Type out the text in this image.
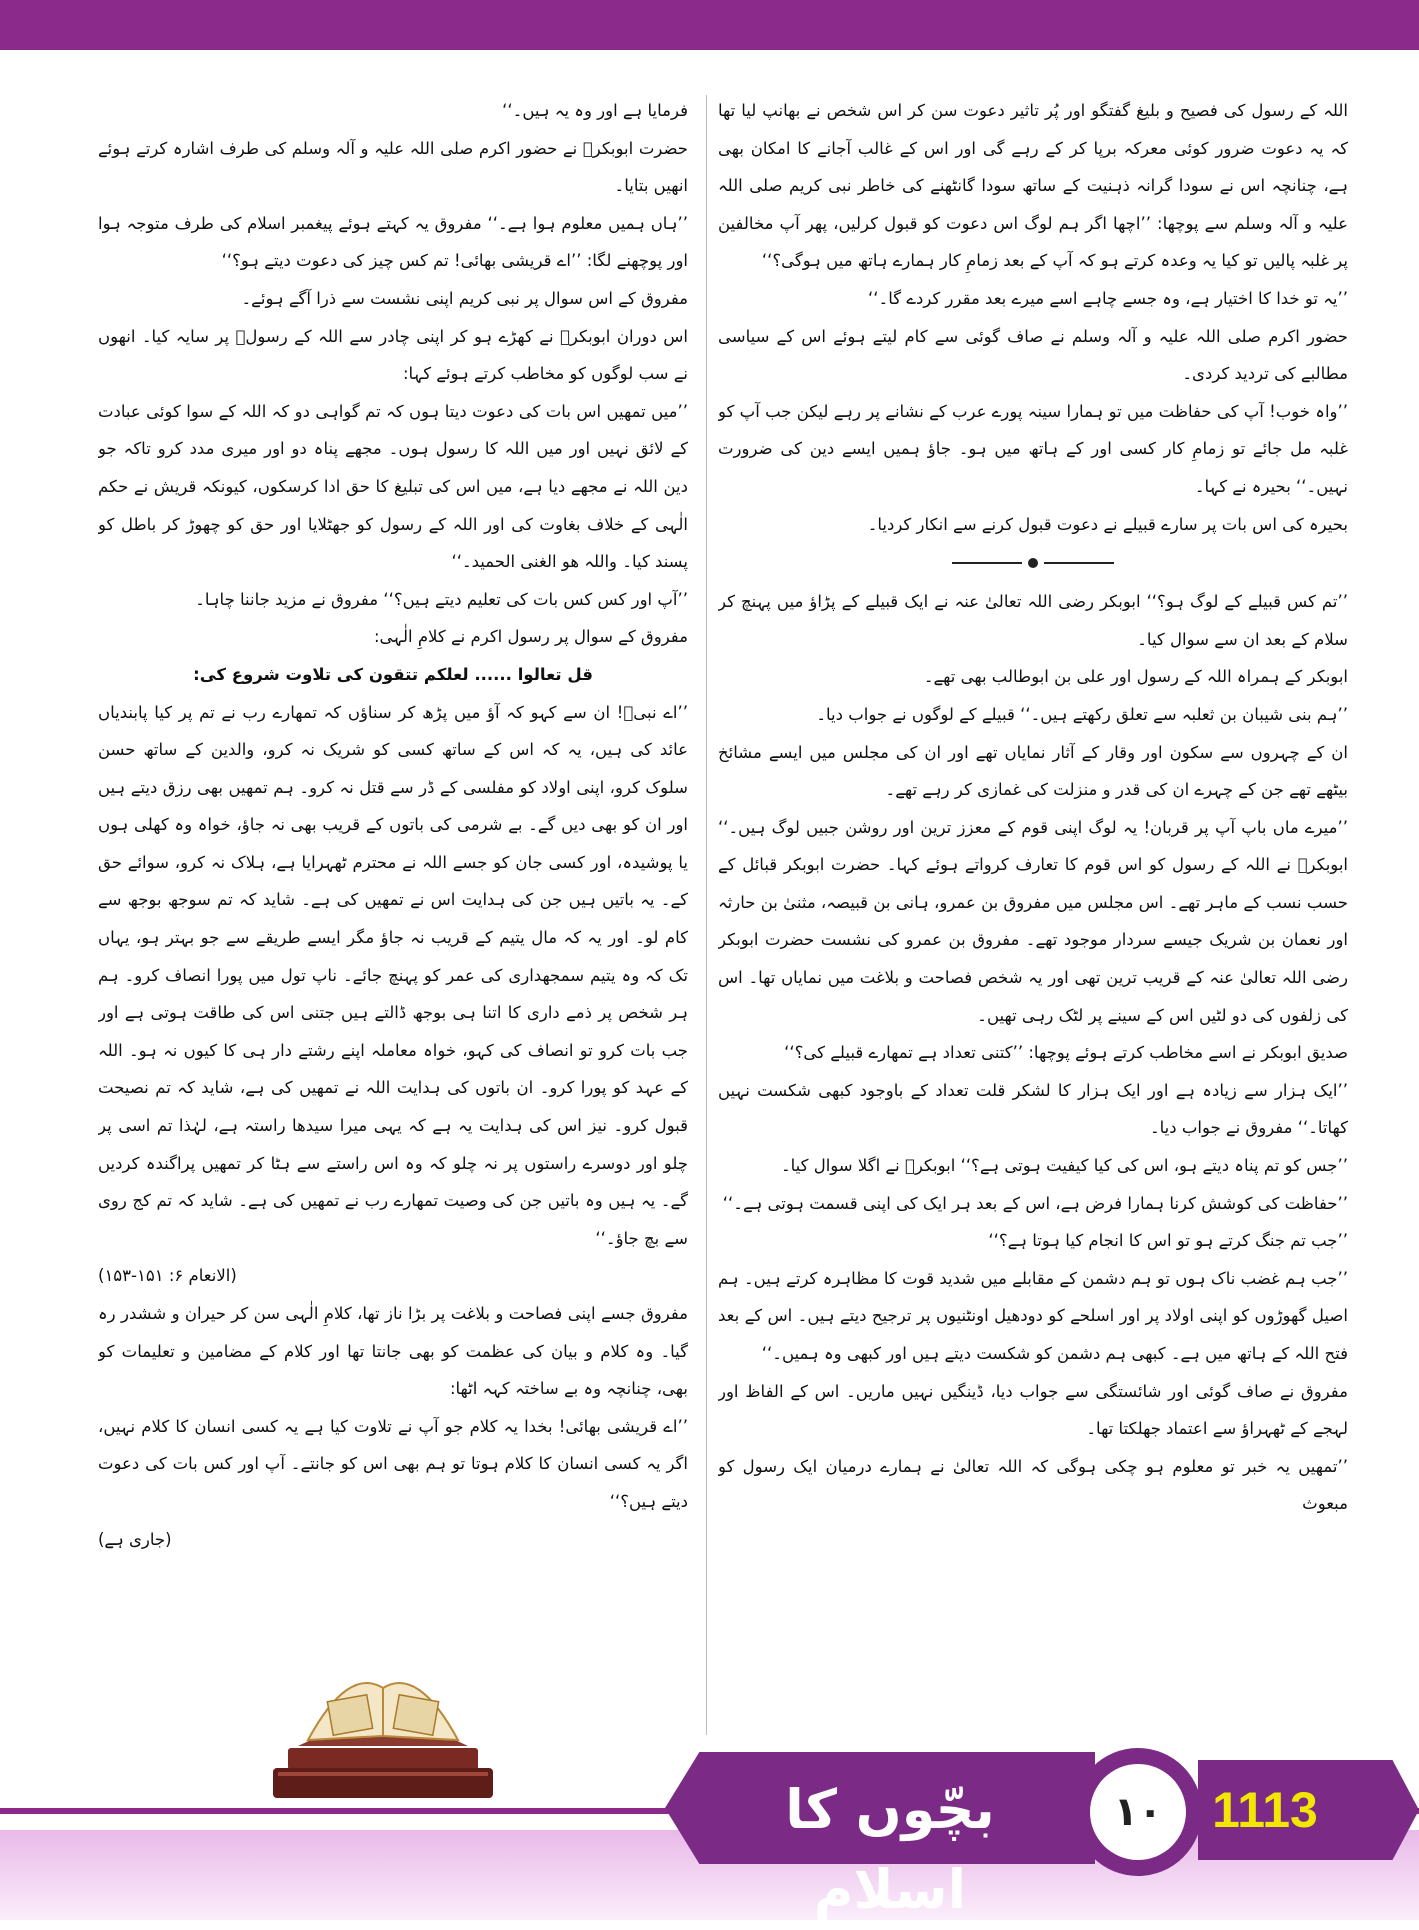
اللہ کے رسول کی فصیح و بلیغ گفتگو اور پُر تاثیر دعوت سن کر اس شخص نے بھانپ لیا تھا کہ یہ دعوت ضرور کوئی معرکہ برپا کر کے رہے گی اور اس کے غالب آجانے کا امکان بھی ہے، چنانچہ اس نے سودا گرانہ ذہنیت کے ساتھ سودا گانٹھنے کی خاطر نبی کریم صلی اللہ علیہ و آلہ وسلم سے پوچھا: ’’اچھا اگر ہم لوگ اس دعوت کو قبول کرلیں، پھر آپ مخالفین پر غلبہ پالیں تو کیا یہ وعدہ کرتے ہو کہ آپ کے بعد زمامِ کار ہمارے ہاتھ میں ہوگی؟‘‘

’’یہ تو خدا کا اختیار ہے، وہ جسے چاہے اسے میرے بعد مقرر کردے گا۔‘‘

حضور اکرم صلی اللہ علیہ و آلہ وسلم نے صاف گوئی سے کام لیتے ہوئے اس کے سیاسی مطالبے کی تردید کردی۔

’’واہ خوب! آپ کی حفاظت میں تو ہمارا سینہ پورے عرب کے نشانے پر رہے لیکن جب آپ کو غلبہ مل جائے تو زمامِ کار کسی اور کے ہاتھ میں ہو۔ جاؤ ہمیں ایسے دین کی ضرورت نہیں۔‘‘ بحیرہ نے کہا۔

بحیرہ کی اس بات پر سارے قبیلے نے دعوت قبول کرنے سے انکار کردیا۔

’’تم کس قبیلے کے لوگ ہو؟‘‘ ابوبکر رضی اللہ تعالیٰ عنہ نے ایک قبیلے کے پڑاؤ میں پہنچ کر سلام کے بعد ان سے سوال کیا۔

ابوبکر کے ہمراہ اللہ کے رسول اور علی بن ابوطالب بھی تھے۔

’’ہم بنی شیبان بن ثعلبہ سے تعلق رکھتے ہیں۔‘‘ قبیلے کے لوگوں نے جواب دیا۔

ان کے چہروں سے سکون اور وقار کے آثار نمایاں تھے اور ان کی مجلس میں ایسے مشائخ بیٹھے تھے جن کے چہرے ان کی قدر و منزلت کی غمازی کر رہے تھے۔

’’میرے ماں باپ آپ پر قربان! یہ لوگ اپنی قوم کے معزز ترین اور روشن جبیں لوگ ہیں۔‘‘ ابوبکرؓ نے اللہ کے رسول کو اس قوم کا تعارف کرواتے ہوئے کہا۔ حضرت ابوبکر قبائل کے حسب نسب کے ماہر تھے۔ اس مجلس میں مفروق بن عمرو، ہانی بن قبیصہ، مثنیٰ بن حارثہ اور نعمان بن شریک جیسے سردار موجود تھے۔ مفروق بن عمرو کی نشست حضرت ابوبکر رضی اللہ تعالیٰ عنہ کے قریب ترین تھی اور یہ شخص فصاحت و بلاغت میں نمایاں تھا۔ اس کی زلفوں کی دو لٹیں اس کے سینے پر لٹک رہی تھیں۔

صدیق ابوبکر نے اسے مخاطب کرتے ہوئے پوچھا: ’’کتنی تعداد ہے تمھارے قبیلے کی؟‘‘

’’ایک ہزار سے زیادہ ہے اور ایک ہزار کا لشکر قلت تعداد کے باوجود کبھی شکست نہیں کھاتا۔‘‘ مفروق نے جواب دیا۔

’’جس کو تم پناہ دیتے ہو، اس کی کیا کیفیت ہوتی ہے؟‘‘ ابوبکرؓ نے اگلا سوال کیا۔

’’حفاظت کی کوشش کرنا ہمارا فرض ہے، اس کے بعد ہر ایک کی اپنی قسمت ہوتی ہے۔‘‘

’’جب تم جنگ کرتے ہو تو اس کا انجام کیا ہوتا ہے؟‘‘

’’جب ہم غضب ناک ہوں تو ہم دشمن کے مقابلے میں شدید قوت کا مظاہرہ کرتے ہیں۔ ہم اصیل گھوڑوں کو اپنی اولاد پر اور اسلحے کو دودھیل اونٹنیوں پر ترجیح دیتے ہیں۔ اس کے بعد فتح اللہ کے ہاتھ میں ہے۔ کبھی ہم دشمن کو شکست دیتے ہیں اور کبھی وہ ہمیں۔‘‘

مفروق نے صاف گوئی اور شائستگی سے جواب دیا، ڈینگیں نہیں ماریں۔ اس کے الفاظ اور لہجے کے ٹھہراؤ سے اعتماد جھلکتا تھا۔

’’تمھیں یہ خبر تو معلوم ہو چکی ہوگی کہ اللہ تعالیٰ نے ہمارے درمیان ایک رسول کو مبعوث

فرمایا ہے اور وہ یہ ہیں۔‘‘

حضرت ابوبکرؓ نے حضور اکرم صلی اللہ علیہ و آلہ وسلم کی طرف اشارہ کرتے ہوئے انھیں بتایا۔

’’ہاں ہمیں معلوم ہوا ہے۔‘‘ مفروق یہ کہتے ہوئے پیغمبر اسلام کی طرف متوجہ ہوا اور پوچھنے لگا: ’’اے قریشی بھائی! تم کس چیز کی دعوت دیتے ہو؟‘‘

مفروق کے اس سوال پر نبی کریم اپنی نشست سے ذرا آگے ہوئے۔

اس دوران ابوبکرؓ نے کھڑے ہو کر اپنی چادر سے اللہ کے رسولؐ پر سایہ کیا۔ انھوں نے سب لوگوں کو مخاطب کرتے ہوئے کہا:

’’میں تمھیں اس بات کی دعوت دیتا ہوں کہ تم گواہی دو کہ اللہ کے سوا کوئی عبادت کے لائق نہیں اور میں اللہ کا رسول ہوں۔ مجھے پناہ دو اور میری مدد کرو تاکہ جو دین اللہ نے مجھے دیا ہے، میں اس کی تبلیغ کا حق ادا کرسکوں، کیونکہ قریش نے حکم الٰہی کے خلاف بغاوت کی اور اللہ کے رسول کو جھٹلایا اور حق کو چھوڑ کر باطل کو پسند کیا۔ واللہ ھو الغنی الحمید۔‘‘

’’آپ اور کس کس بات کی تعلیم دیتے ہیں؟‘‘ مفروق نے مزید جاننا چاہا۔

مفروق کے سوال پر رسول اکرم نے کلامِ الٰہی:

قل تعالوا ...... لعلکم تتقون کی تلاوت شروع کی:

’’اے نبیؐ! ان سے کہو کہ آؤ میں پڑھ کر سناؤں کہ تمھارے رب نے تم پر کیا پابندیاں عائد کی ہیں، یہ کہ اس کے ساتھ کسی کو شریک نہ کرو، والدین کے ساتھ حسن سلوک کرو، اپنی اولاد کو مفلسی کے ڈر سے قتل نہ کرو۔ ہم تمھیں بھی رزق دیتے ہیں اور ان کو بھی دیں گے۔ بے شرمی کی باتوں کے قریب بھی نہ جاؤ، خواہ وہ کھلی ہوں یا پوشیدہ، اور کسی جان کو جسے اللہ نے محترم ٹھہرایا ہے، ہلاک نہ کرو، سوائے حق کے۔ یہ باتیں ہیں جن کی ہدایت اس نے تمھیں کی ہے۔ شاید کہ تم سوجھ بوجھ سے کام لو۔ اور یہ کہ مال یتیم کے قریب نہ جاؤ مگر ایسے طریقے سے جو بہتر ہو، یہاں تک کہ وہ یتیم سمجھداری کی عمر کو پہنچ جائے۔ ناپ تول میں پورا انصاف کرو۔ ہم ہر شخص پر ذمے داری کا اتنا ہی بوجھ ڈالتے ہیں جتنی اس کی طاقت ہوتی ہے اور جب بات کرو تو انصاف کی کہو، خواہ معاملہ اپنے رشتے دار ہی کا کیوں نہ ہو۔ اللہ کے عہد کو پورا کرو۔ ان باتوں کی ہدایت اللہ نے تمھیں کی ہے، شاید کہ تم نصیحت قبول کرو۔ نیز اس کی ہدایت یہ ہے کہ یہی میرا سیدھا راستہ ہے، لہٰذا تم اسی پر چلو اور دوسرے راستوں پر نہ چلو کہ وہ اس راستے سے ہٹا کر تمھیں پراگندہ کردیں گے۔ یہ ہیں وہ باتیں جن کی وصیت تمھارے رب نے تمھیں کی ہے۔ شاید کہ تم کج روی سے بچ جاؤ۔‘‘

(الانعام ۶: ۱۵۱-۱۵۳)

مفروق جسے اپنی فصاحت و بلاغت پر بڑا ناز تھا، کلامِ الٰہی سن کر حیران و ششدر رہ گیا۔ وہ کلام و بیان کی عظمت کو بھی جانتا تھا اور کلام کے مضامین و تعلیمات کو بھی، چنانچہ وہ بے ساختہ کہہ اٹھا:

’’اے قریشی بھائی! بخدا یہ کلام جو آپ نے تلاوت کیا ہے یہ کسی انسان کا کلام نہیں، اگر یہ کسی انسان کا کلام ہوتا تو ہم بھی اس کو جانتے۔ آپ اور کس بات کی دعوت دیتے ہیں؟‘‘

(جاری ہے)

بچّوں کا اسلام
۱۰ 1113
